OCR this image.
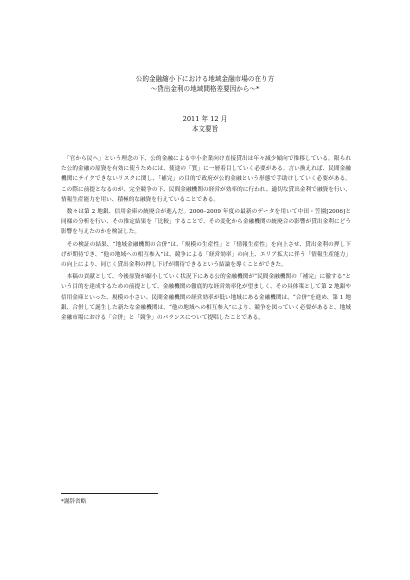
公的金融縮小下における地域金融市場の在り方
～貸出金利の地域間格差要因から～*
2011 年 12 月
本文要旨

　「官から民へ」という理念の下、公的金融による中小企業向け直接貸出は年々減少傾向で推移している。限られた公的金融の原資を有効に使うためには、使途の「質」に一層着目していく必要がある。言い換えれば、民間金融機関にテイクできないリスクに関し、「補完」の目的で政府が公的金融という形態で手助けしていく必要がある。この際に前提となるのが、完全競争の下、民間金融機関の経営が効率的に行われ、適切な貸出金利で融資を行い、情報生産能力を用い、積極的な融資を行えていることである。

　数々は第 2 地銀、信用金庫の統廃合が進んだ。2006–2009 年度の最新のデータを用いて中田・笠園[2006]と同様の分析を行い、その推定結果を「比較」することで、その変化から金融機関の統廃合の影響が貸出金利にどう影響を与えたのかを検証した。

　その検証の結果、“地域金融機関の合併”は、「規模の生産性」と「情報生産性」を向上させ、貸出金利の押し下げが期待でき、“他の地域への相互参入”は、競争による「経営効率」の向上、エリア拡大に伴う「情報生産能力」の向上により、同じく貸出金利の押し下げが期待できるという結論を導くことができた。

　本稿の貢献として、今後原資が縮小していく状況下にある公的金融機関が“民間金融機関の「補完」に徹する”という目的を達成するための前提として、金融機関の徹底的な経営効率化が望ましく、その具体策として第 2 地銀や信用金庫といった、規模の小さい、民間金融機関の経営効率が低い地域にある金融機関は、“合併”を進め、第 1 地銀、合併して誕生した新たな金融機関は、“他の地域への相互参入”により、競争を図っていく必要があると、地域金融市場における「合併」と「競争」のバランスについて提唱したことである。

*謝辞省略
